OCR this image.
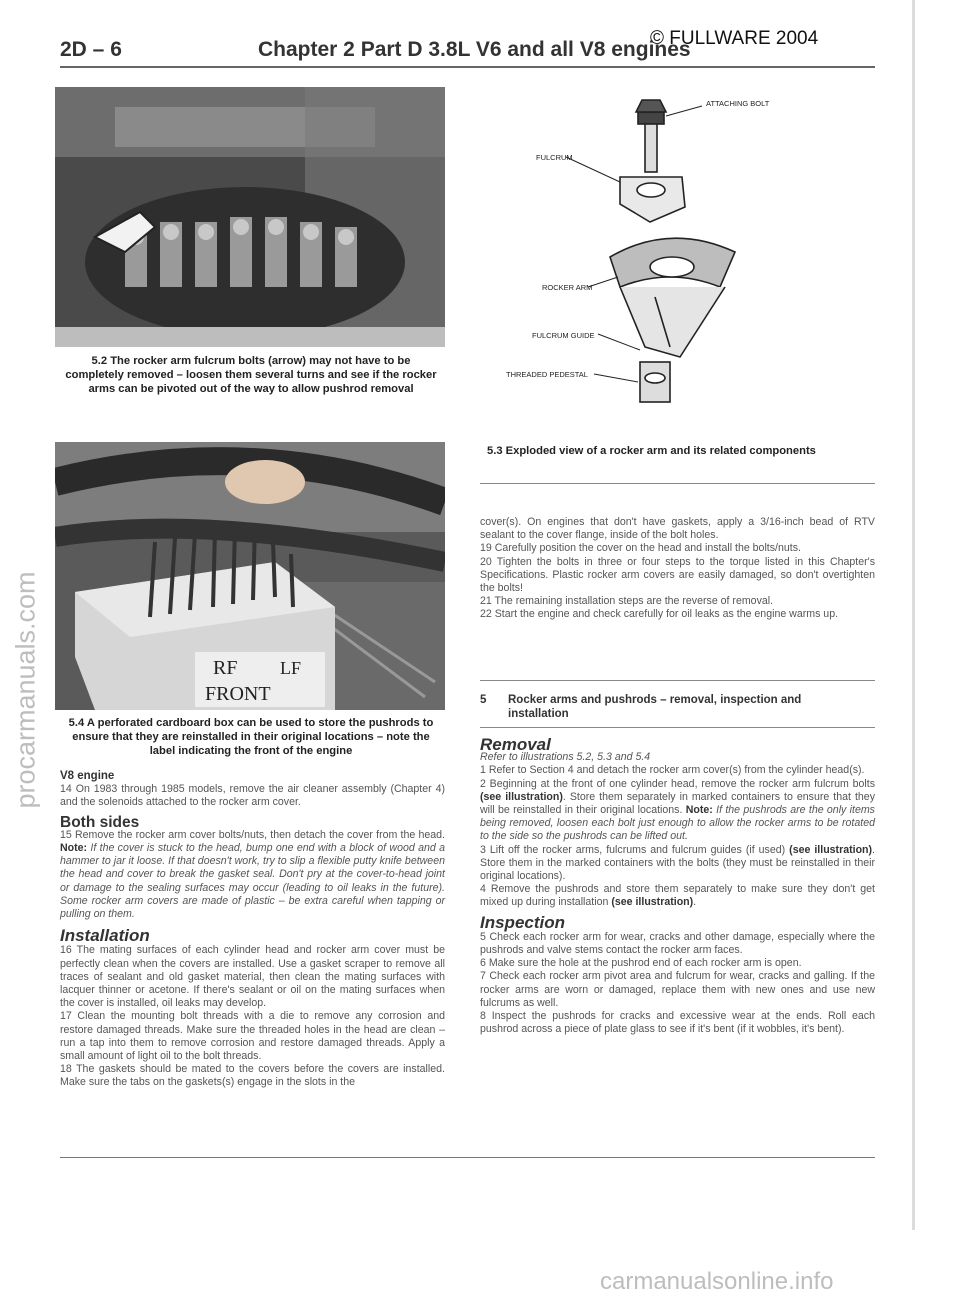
© FULLWARE 2004
2D – 6	Chapter 2 Part D 3.8L V6 and all V8 engines
procarmanuals.com
carmanualsonline.info
5.2 The rocker arm fulcrum bolts (arrow) may not have to be completely removed – loosen them several turns and see if the rocker arms can be pivoted out of the way to allow pushrod removal
RF LF
FRONT
5.4 A perforated cardboard box can be used to store the pushrods to ensure that they are reinstalled in their original locations – note the label indicating the front of the engine
ATTACHING BOLT
FULCRUM
ROCKER ARM
FULCRUM GUIDE
THREADED PEDESTAL
5.3 Exploded view of a rocker arm and its related components
V8 engine

14 On 1983 through 1985 models, remove the air cleaner assembly (Chapter 4) and the solenoids attached to the rocker arm cover.

Both sides

15 Remove the rocker arm cover bolts/nuts, then detach the cover from the head. Note: If the cover is stuck to the head, bump one end with a block of wood and a hammer to jar it loose. If that doesn't work, try to slip a flexible putty knife between the head and cover to break the gasket seal. Don't pry at the cover-to-head joint or damage to the sealing surfaces may occur (leading to oil leaks in the future). Some rocker arm covers are made of plastic – be extra careful when tapping or pulling on them.

Installation

16 The mating surfaces of each cylinder head and rocker arm cover must be perfectly clean when the covers are installed. Use a gasket scraper to remove all traces of sealant and old gasket material, then clean the mating surfaces with lacquer thinner or acetone. If there's sealant or oil on the mating surfaces when the cover is installed, oil leaks may develop.

17 Clean the mounting bolt threads with a die to remove any corrosion and restore damaged threads. Make sure the threaded holes in the head are clean – run a tap into them to remove corrosion and restore damaged threads. Apply a small amount of light oil to the bolt threads.

18 The gaskets should be mated to the covers before the covers are installed. Make sure the tabs on the gaskets(s) engage in the slots in the

cover(s). On engines that don't have gaskets, apply a 3/16-inch bead of RTV sealant to the cover flange, inside of the bolt holes.

19 Carefully position the cover on the head and install the bolts/nuts.

20 Tighten the bolts in three or four steps to the torque listed in this Chapter's Specifications. Plastic rocker arm covers are easily damaged, so don't overtighten the bolts!

21 The remaining installation steps are the reverse of removal.

22 Start the engine and check carefully for oil leaks as the engine warms up.

5 Rocker arms and pushrods – removal, inspection and installation
Removal

Refer to illustrations 5.2, 5.3 and 5.4

1 Refer to Section 4 and detach the rocker arm cover(s) from the cylinder head(s).

2 Beginning at the front of one cylinder head, remove the rocker arm fulcrum bolts (see illustration). Store them separately in marked containers to ensure that they will be reinstalled in their original locations. Note: If the pushrods are the only items being removed, loosen each bolt just enough to allow the rocker arms to be rotated to the side so the pushrods can be lifted out.

3 Lift off the rocker arms, fulcrums and fulcrum guides (if used) (see illustration). Store them in the marked containers with the bolts (they must be reinstalled in their original locations).

4 Remove the pushrods and store them separately to make sure they don't get mixed up during installation (see illustration).

Inspection

5 Check each rocker arm for wear, cracks and other damage, especially where the pushrods and valve stems contact the rocker arm faces.

6 Make sure the hole at the pushrod end of each rocker arm is open.

7 Check each rocker arm pivot area and fulcrum for wear, cracks and galling. If the rocker arms are worn or damaged, replace them with new ones and use new fulcrums as well.

8 Inspect the pushrods for cracks and excessive wear at the ends. Roll each pushrod across a piece of plate glass to see if it's bent (if it wobbles, it's bent).
